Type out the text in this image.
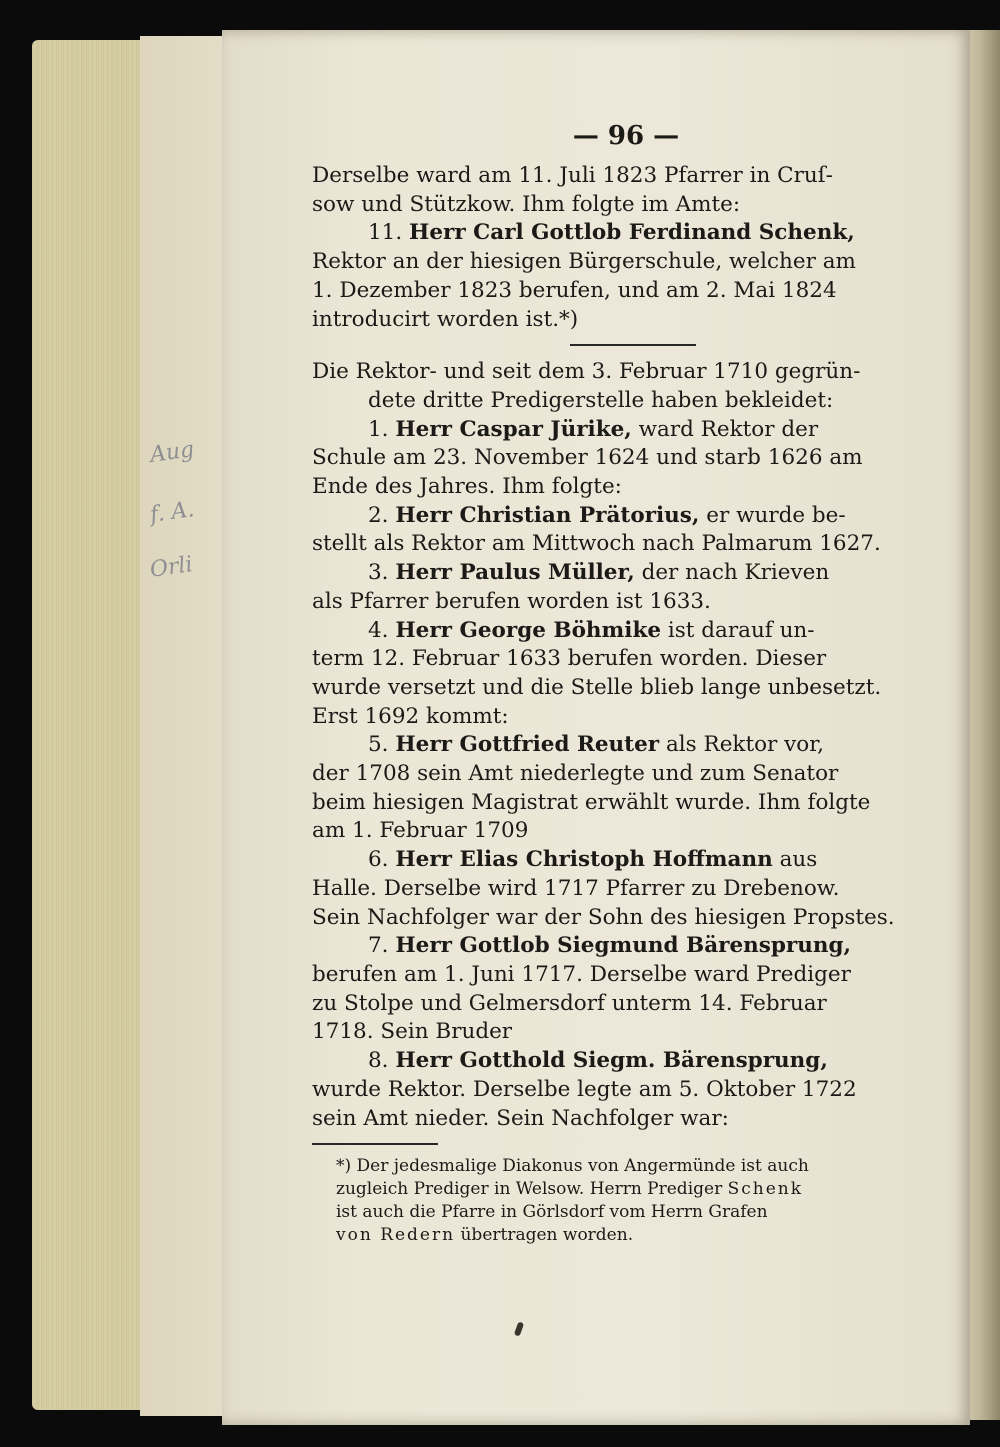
Aug
f. A.
Orli
— 96 —
Derselbe ward am 11. Juli 1823 Pfarrer in Cruſ-
sow und Stützkow. Ihm folgte im Amte:
11. Herr Carl Gottlob Ferdinand Schenk,
Rektor an der hiesigen Bürgerschule, welcher am
1. Dezember 1823 berufen, und am 2. Mai 1824
introducirt worden ist.*)
Die Rektor- und seit dem 3. Februar 1710 gegrün-
dete dritte Predigerstelle haben bekleidet:
1. Herr Caspar Jürike, ward Rektor der
Schule am 23. November 1624 und starb 1626 am
Ende des Jahres. Ihm folgte:
2. Herr Christian Prätorius, er wurde be-
stellt als Rektor am Mittwoch nach Palmarum 1627.
3. Herr Paulus Müller, der nach Krieven
als Pfarrer berufen worden ist 1633.
4. Herr George Böhmike ist darauf un-
term 12. Februar 1633 berufen worden. Dieser
wurde versetzt und die Stelle blieb lange unbesetzt.
Erst 1692 kommt:
5. Herr Gottfried Reuter als Rektor vor,
der 1708 sein Amt niederlegte und zum Senator
beim hiesigen Magistrat erwählt wurde. Ihm folgte
am 1. Februar 1709
6. Herr Elias Christoph Hoffmann aus
Halle. Derselbe wird 1717 Pfarrer zu Drebenow.
Sein Nachfolger war der Sohn des hiesigen Propstes.
7. Herr Gottlob Siegmund Bärensprung,
berufen am 1. Juni 1717. Derselbe ward Prediger
zu Stolpe und Gelmersdorf unterm 14. Februar
1718. Sein Bruder
8. Herr Gotthold Siegm. Bärensprung,
wurde Rektor. Derselbe legte am 5. Oktober 1722
sein Amt nieder. Sein Nachfolger war:
*) Der jedesmalige Diakonus von Angermünde ist auch
zugleich Prediger in Welsow. Herrn Prediger Schenk
ist auch die Pfarre in Görlsdorf vom Herrn Grafen
von Redern übertragen worden.
